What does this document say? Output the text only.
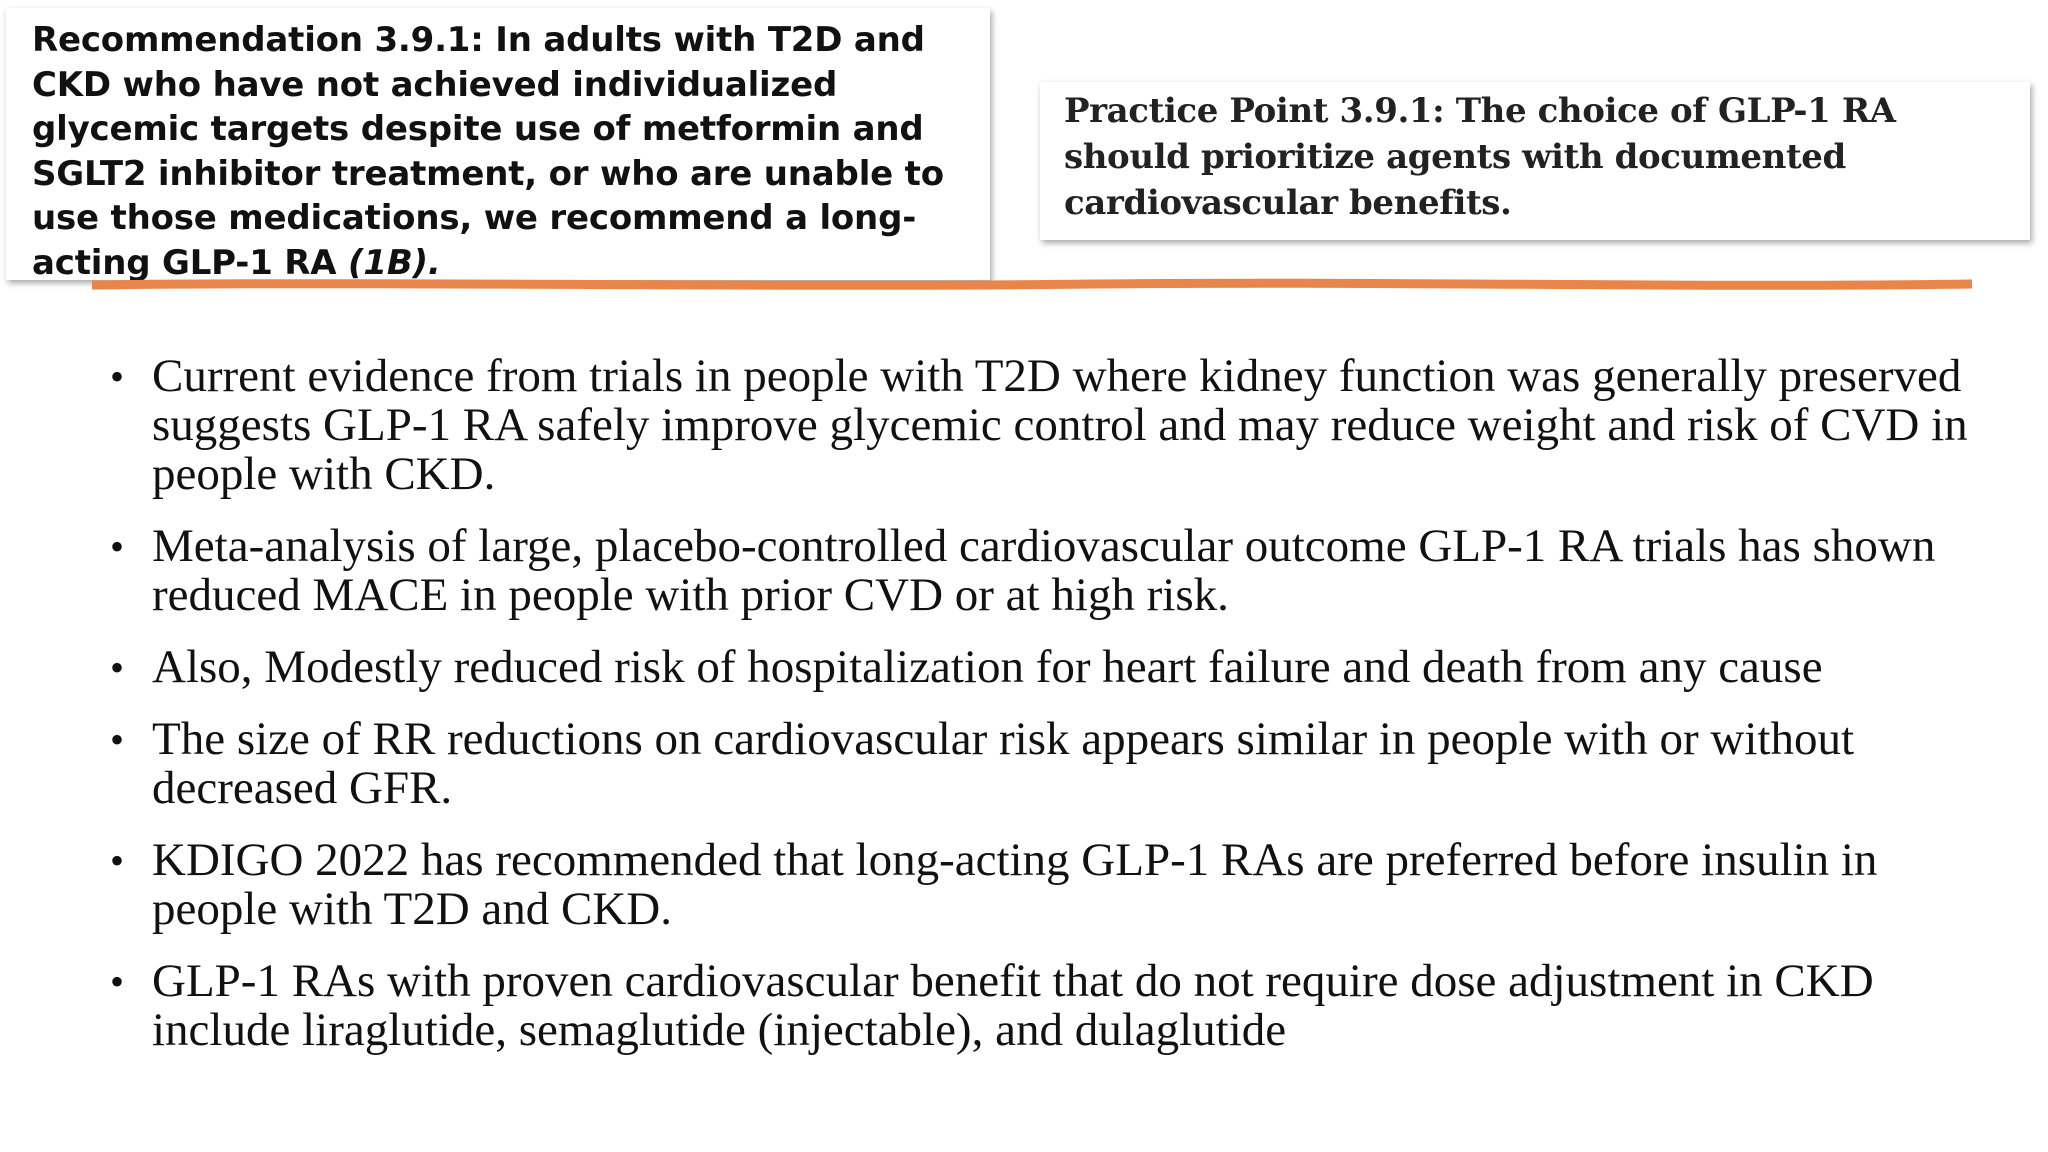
Recommendation 3.9.1: In adults with T2D and CKD who have not achieved individualized glycemic targets despite use of metformin and SGLT2 inhibitor treatment, or who are unable to use those medications, we recommend a long-acting GLP-1 RA (1B).

Practice Point 3.9.1: The choice of GLP-1 RA should prioritize agents with documented cardiovascular benefits.

• Current evidence from trials in people with T2D where kidney function was generally preserved suggests GLP-1 RA safely improve glycemic control and may reduce weight and risk of CVD in people with CKD.
• Meta-analysis of large, placebo-controlled cardiovascular outcome GLP-1 RA trials has shown reduced MACE in people with prior CVD or at high risk.
• Also, Modestly reduced risk of hospitalization for heart failure and death from any cause
• The size of RR reductions on cardiovascular risk appears similar in people with or without decreased GFR.
• KDIGO 2022 has recommended that long-acting GLP-1 RAs are preferred before insulin in people with T2D and CKD.
• GLP-1 RAs with proven cardiovascular benefit that do not require dose adjustment in CKD include liraglutide, semaglutide (injectable), and dulaglutide
